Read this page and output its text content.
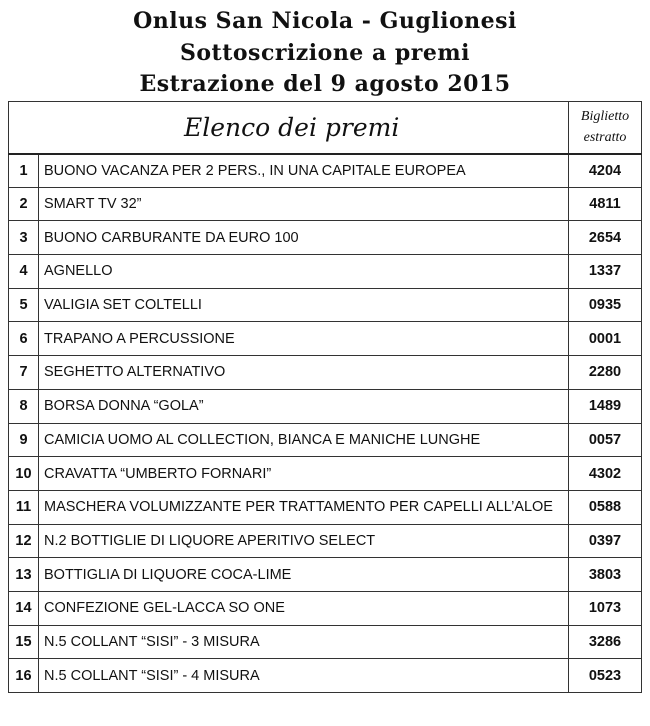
Onlus San Nicola - Guglionesi
Sottoscrizione a premi
Estrazione del 9 agosto 2015
Elenco dei premi		Biglietto
estratto
1	BUONO VACANZA PER 2 PERS., IN UNA CAPITALE EUROPEA	4204
2	SMART TV 32”	4811
3	BUONO CARBURANTE DA EURO 100	2654
4	AGNELLO	1337
5	VALIGIA SET COLTELLI	0935
6	TRAPANO A PERCUSSIONE	0001
7	SEGHETTO ALTERNATIVO	2280
8	BORSA DONNA “GOLA”	1489
9	CAMICIA UOMO AL COLLECTION, BIANCA E MANICHE LUNGHE	0057
10	CRAVATTA “UMBERTO FORNARI”	4302
11	MASCHERA VOLUMIZZANTE PER TRATTAMENTO PER CAPELLI ALL’ALOE	0588
12	N.2 BOTTIGLIE DI LIQUORE APERITIVO SELECT	0397
13	BOTTIGLIA DI LIQUORE COCA-LIME	3803
14	CONFEZIONE GEL-LACCA SO ONE	1073
15	N.5 COLLANT “SISI” - 3 MISURA	3286
16	N.5 COLLANT “SISI” - 4 MISURA	0523
